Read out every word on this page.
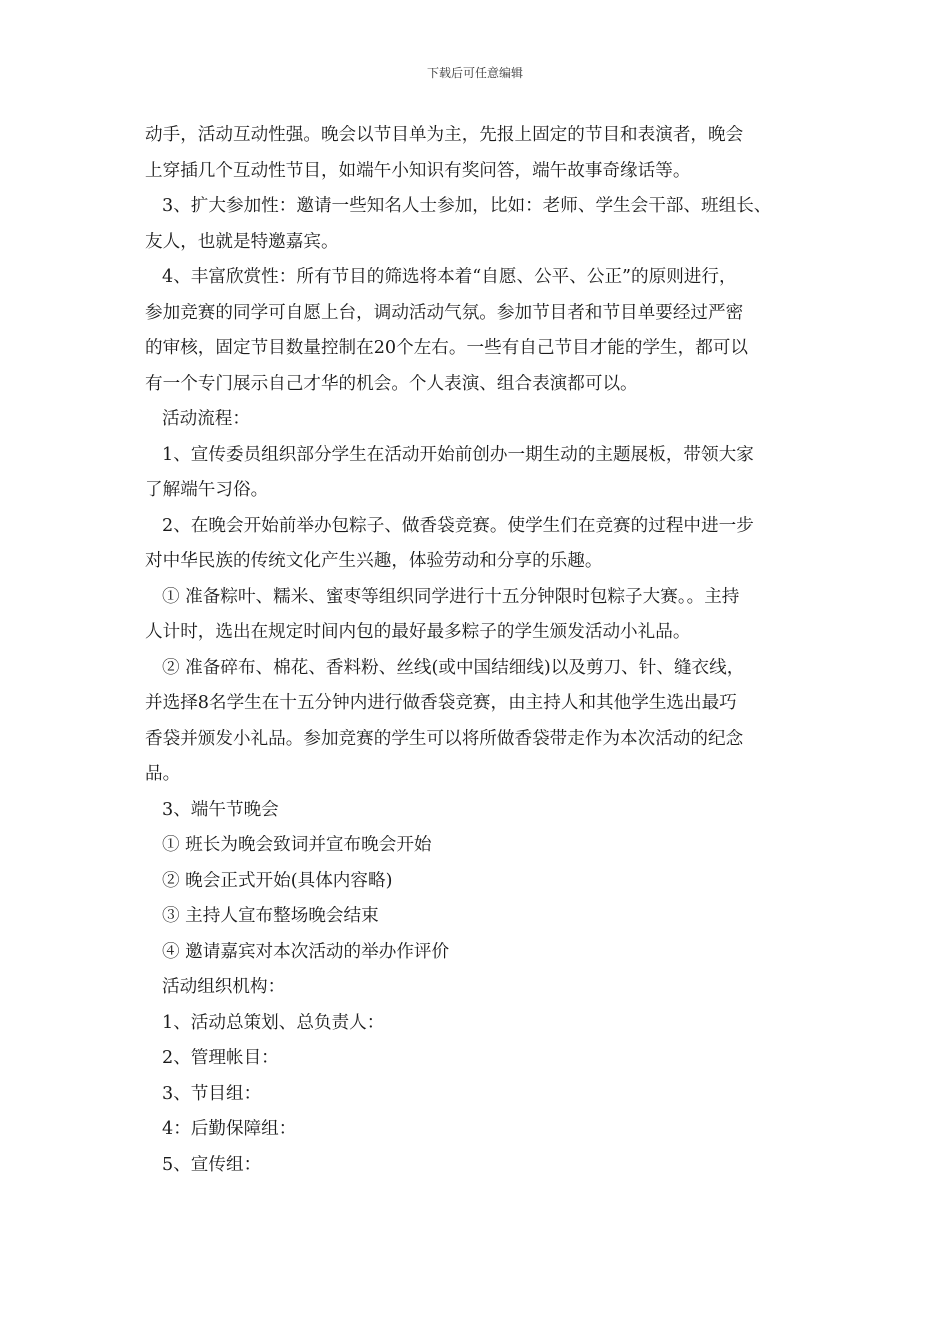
下载后可任意编辑
动手，活动互动性强。晚会以节目单为主，先报上固定的节目和表演者，晚会
上穿插几个互动性节目，如端午小知识有奖问答，端午故事奇缘话等。
3、扩大参加性：邀请一些知名人士参加，比如：老师、学生会干部、班组长、
友人，也就是特邀嘉宾。
4、丰富欣赏性：所有节目的筛选将本着“自愿、公平、公正”的原则进行，
参加竞赛的同学可自愿上台，调动活动气氛。参加节目者和节目单要经过严密
的审核，固定节目数量控制在20个左右。一些有自己节目才能的学生，都可以
有一个专门展示自己才华的机会。个人表演、组合表演都可以。
活动流程：
1、宣传委员组织部分学生在活动开始前创办一期生动的主题展板，带领大家
了解端午习俗。
2、在晚会开始前举办包粽子、做香袋竞赛。使学生们在竞赛的过程中进一步
对中华民族的传统文化产生兴趣，体验劳动和分享的乐趣。
① 准备粽叶、糯米、蜜枣等组织同学进行十五分钟限时包粽子大赛。。主持
人计时，选出在规定时间内包的最好最多粽子的学生颁发活动小礼品。
② 准备碎布、棉花、香料粉、丝线(或中国结细线)以及剪刀、针、缝衣线，
并选择8名学生在十五分钟内进行做香袋竞赛，由主持人和其他学生选出最巧
香袋并颁发小礼品。参加竞赛的学生可以将所做香袋带走作为本次活动的纪念
品。
3、端午节晚会
① 班长为晚会致词并宣布晚会开始
② 晚会正式开始(具体内容略)
③ 主持人宣布整场晚会结束
④ 邀请嘉宾对本次活动的举办作评价
活动组织机构：
1、活动总策划、总负责人：
2、管理帐目：
3、节目组：
4：后勤保障组：
5、宣传组：
